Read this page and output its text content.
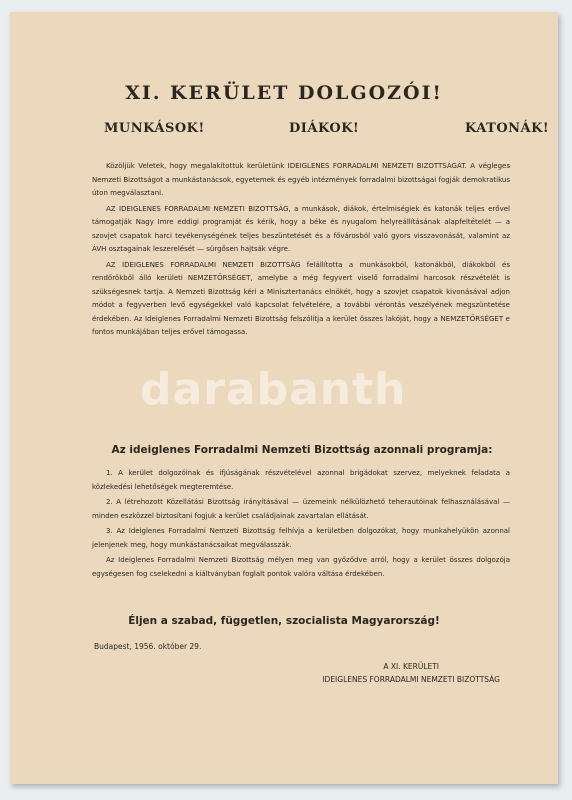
XI. KERÜLET DOLGOZÓI!
MUNKÁSOK!	DIÁKOK!	KATONÁK!

Közöljük Veletek, hogy megalakítottuk kerületünk IDEIGLENES FORRADALMI NEMZETI BIZOTTSÁGÁT. A végleges Nemzeti Bizottságot a munkástanácsok, egyetemek és egyéb intézmények forradalmi bizottságai fogják demokratikus úton megválasztani.

AZ IDEIGLENES FORRADALMI NEMZETI BIZOTTSÁG, a munkások, diákok, értelmiségiek és katonák teljes erővel támogatják Nagy Imre eddigi programját és kérik, hogy a béke és nyugalom helyreállításának alapfeltételét — a szovjet csapatok harci tevékenységének teljes beszüntetését és a fővárosból való gyors visszavonását, valamint az ÁVH osztagainak leszerelését — sürgősen hajtsák végre.

AZ IDEIGLENES FORRADALMI NEMZETI BIZOTTSÁG felállította a munkásokból, katonákból, diákokból és rendőrökből álló kerületi NEMZETŐRSÉGET, amelybe a még fegyvert viselő forradalmi harcosok részvételét is szükségesnek tartja. A Nemzeti Bizottság kéri a Minisztertanács elnökét, hogy a szovjet csapatok kivonásával adjon módot a fegyverben levő egységekkel való kapcsolat felvételére, a további vérontás veszélyének megszüntetése érdekében. Az Ideiglenes Forradalmi Nemzeti Bizottság felszólítja a kerület összes lakóját, hogy a NEMZETŐRSÉGET e fontos munkájában teljes erővel támogassa.

darabanth
Az ideiglenes Forradalmi Nemzeti Bizottság azonnali programja:

1. A kerület dolgozóinak és ifjúságának részvételével azonnal brigádokat szervez, melyeknek feladata a közlekedési lehetőségek megteremtése.

2. A létrehozott Közellátási Bizottság irányításával — üzemeink nélkülözhető teherautóinak felhasználásával — minden eszközzel biztosítani fogjuk a kerület családjainak zavartalan ellátását.

3. Az Ideiglenes Forradalmi Nemzeti Bizottság felhívja a kerületben dolgozókat, hogy munkahelyükön azonnal jelenjenek meg, hogy munkástanácsaikat megválasszák.

Az Ideiglenes Forradalmi Nemzeti Bizottság mélyen meg van győződve arról, hogy a kerület összes dolgozója egységesen fog cselekedni a kiáltványban foglalt pontok valóra váltása érdekében.

Éljen a szabad, független, szocialista Magyarország!
Budapest, 1956. október 29.
A XI. KERÜLETI
IDEIGLENES FORRADALMI NEMZETI BIZOTTSÁG
